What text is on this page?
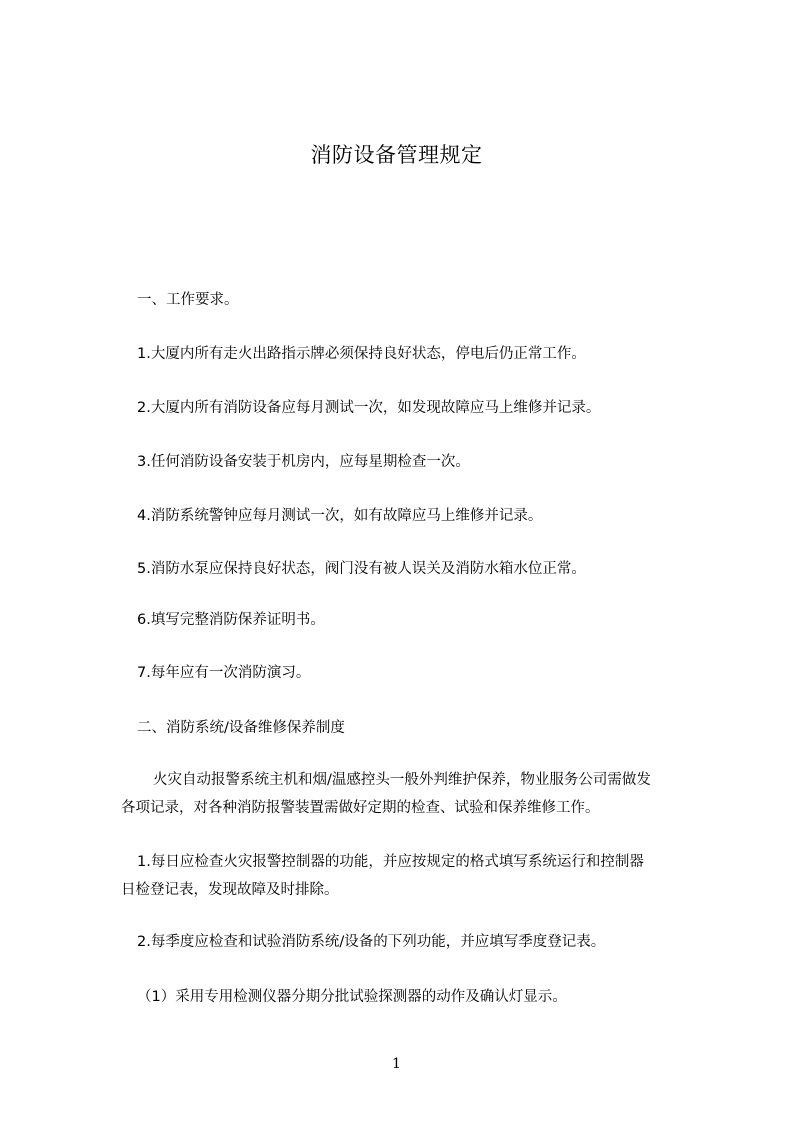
消防设备管理规定
一、工作要求。
1.大厦内所有走火出路指示牌必须保持良好状态，停电后仍正常工作。
2.大厦内所有消防设备应每月测试一次，如发现故障应马上维修并记录。
3.任何消防设备安装于机房内，应每星期检查一次。
4.消防系统警钟应每月测试一次，如有故障应马上维修并记录。
5.消防水泵应保持良好状态，阀门没有被人误关及消防水箱水位正常。
6.填写完整消防保养证明书。
7.每年应有一次消防演习。
二、消防系统/设备维修保养制度
火灾自动报警系统主机和烟/温感控头一般外判维护保养，物业服务公司需做发
各项记录，对各种消防报警装置需做好定期的检查、试验和保养维修工作。
1.每日应检查火灾报警控制器的功能，并应按规定的格式填写系统运行和控制器
日检登记表，发现故障及时排除。
2.每季度应检查和试验消防系统/设备的下列功能，并应填写季度登记表。
（1）采用专用检测仪器分期分批试验探测器的动作及确认灯显示。
1
